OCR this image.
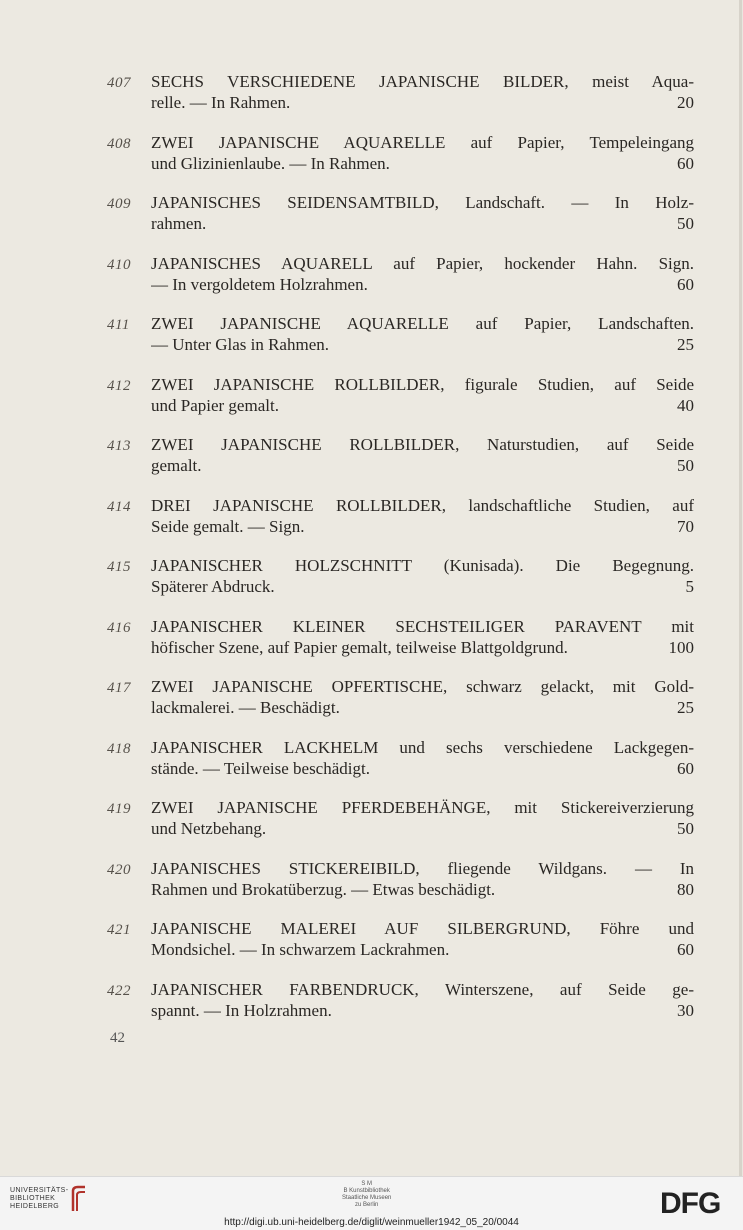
407 SECHS VERSCHIEDENE JAPANISCHE BILDER, meist Aqua-
relle. — In Rahmen.	20
408 ZWEI JAPANISCHE AQUARELLE auf Papier, Tempeleingang
und Glizinienlaube. — In Rahmen.	60
409 JAPANISCHES SEIDENSAMTBILD, Landschaft. — In Holz-
rahmen.	50
410 JAPANISCHES AQUARELL auf Papier, hockender Hahn. Sign.
— In vergoldetem Holzrahmen.	60
411 ZWEI JAPANISCHE AQUARELLE auf Papier, Landschaften.
— Unter Glas in Rahmen.	25
412 ZWEI JAPANISCHE ROLLBILDER, figurale Studien, auf Seide
und Papier gemalt.	40
413 ZWEI JAPANISCHE ROLLBILDER, Naturstudien, auf Seide
gemalt.	50
414 DREI JAPANISCHE ROLLBILDER, landschaftliche Studien, auf
Seide gemalt. — Sign.	70
415 JAPANISCHER HOLZSCHNITT (Kunisada). Die Begegnung.
Späterer Abdruck.	5
416 JAPANISCHER KLEINER SECHSTEILIGER PARAVENT mit
höfischer Szene, auf Papier gemalt, teilweise Blattgoldgrund.	100
417 ZWEI JAPANISCHE OPFERTISCHE, schwarz gelackt, mit Gold-
lackmalerei. — Beschädigt.	25
418 JAPANISCHER LACKHELM und sechs verschiedene Lackgegen-
stände. — Teilweise beschädigt.	60
419 ZWEI JAPANISCHE PFERDEBEHÄNGE, mit Stickereiverzierung
und Netzbehang.	50
420 JAPANISCHES STICKEREIBILD, fliegende Wildgans. — In
Rahmen und Brokatüberzug. — Etwas beschädigt.	80
421 JAPANISCHE MALEREI AUF SILBERGRUND, Föhre und
Mondsichel. — In schwarzem Lackrahmen.	60
422 JAPANISCHER FARBENDRUCK, Winterszene, auf Seide ge-
spannt. — In Holzrahmen.	30
42
UNIVERSITÄTS-
BIBLIOTHEK
HEIDELBERG
S M
B Kunstbibliothek
Staatliche Museen
zu Berlin	DFG
http://digi.ub.uni-heidelberg.de/diglit/weinmueller1942_05_20/0044
